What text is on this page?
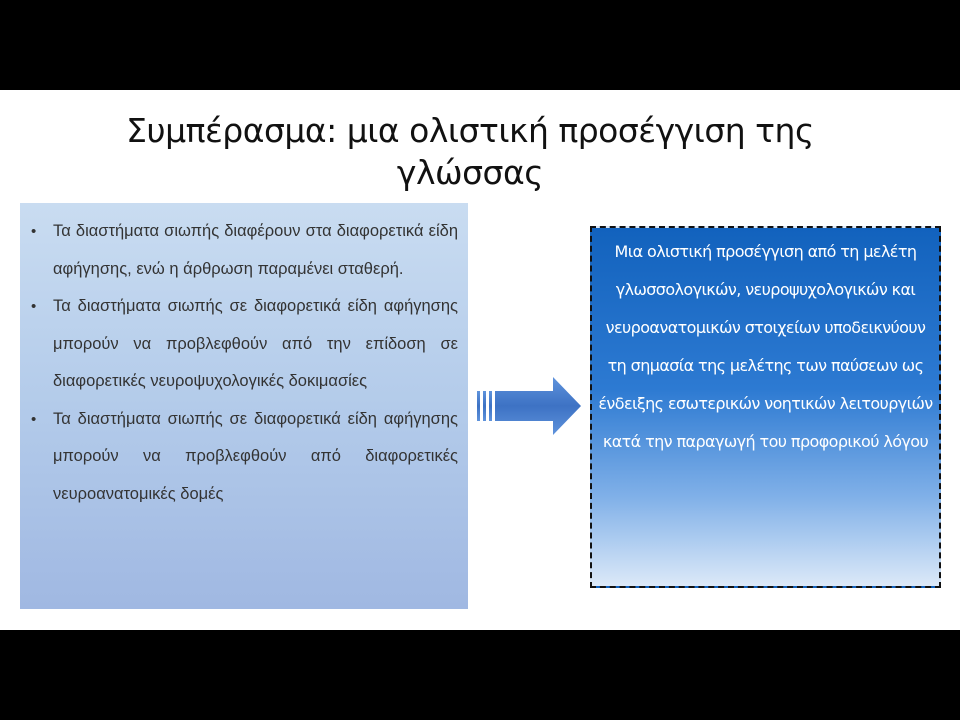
Συμπέρασμα: μια ολιστική προσέγγιση της γλώσσας
• Τα διαστήματα σιωπής διαφέρουν στα διαφορετικά είδη αφήγησης, ενώ η άρθρωση παραμένει σταθερή.
• Τα διαστήματα σιωπής σε διαφορετικά είδη αφήγησης μπορούν να προβλεφθούν από την επίδοση σε διαφορετικές νευροψυχολογικές δοκιμασίες
• Τα διαστήματα σιωπής σε διαφορετικά είδη αφήγησης μπορούν να προβλεφθούν από διαφορετικές νευροανατομικές δομές

Μια ολιστική προσέγγιση από τη μελέτη γλωσσολογικών, νευροψυχολογικών και νευροανατομικών στοιχείων υποδεικνύουν τη σημασία της μελέτης των παύσεων ως ένδειξης εσωτερικών νοητικών λειτουργιών κατά την παραγωγή του προφορικού λόγου
